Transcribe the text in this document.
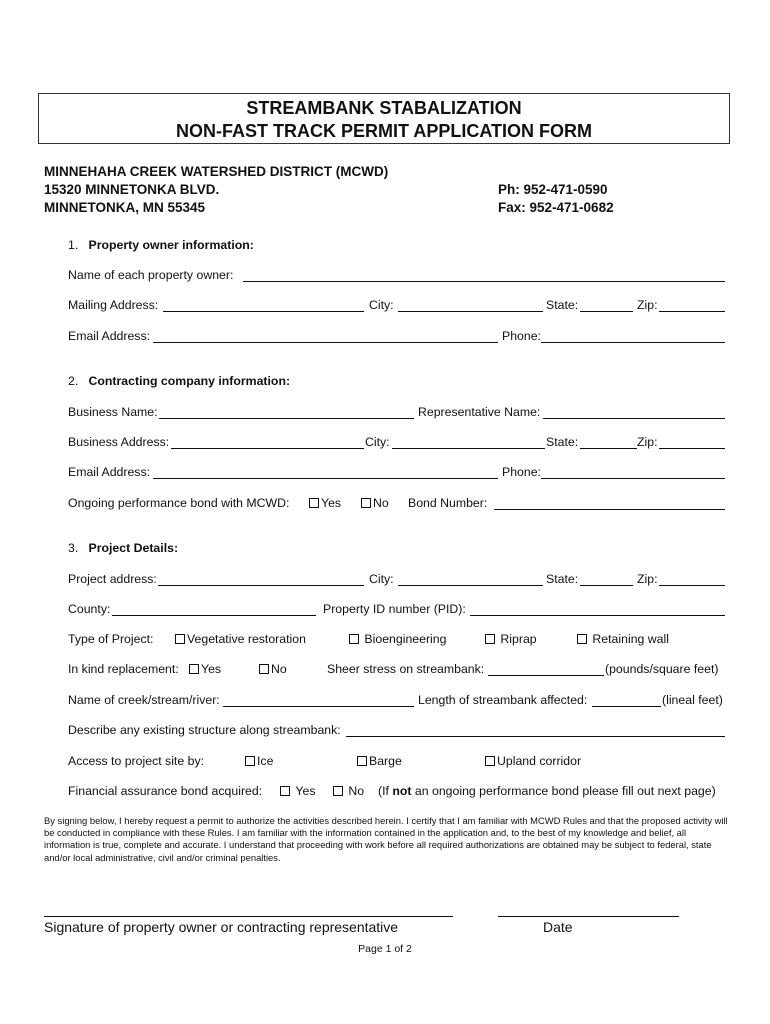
STREAMBANK STABALIZATION
NON-FAST TRACK PERMIT APPLICATION FORM
MINNEHAHA CREEK WATERSHED DISTRICT (MCWD)
15320 MINNETONKA BLVD.
MINNETONKA, MN 55345
Ph: 952-471-0590
Fax: 952-471-0682
1. Property owner information:
Name of each property owner:
Mailing Address:	City:	State:	Zip:
Email Address:	Phone:
2. Contracting company information:
Business Name:	Representative Name:
Business Address:	City:	State:	Zip:
Email Address:	Phone:
Ongoing performance bond with MCWD:	Yes	No Bond Number:
3. Project Details:
Project address:	City:	State:	Zip:
County:	Property ID number (PID):
Type of Project:	Vegetative restoration	Bioengineering	Riprap	Retaining wall
In kind replacement:	Yes	No	Sheer stress on streambank:	(pounds/square feet)
Name of creek/stream/river:	Length of streambank affected:	(lineal feet)
Describe any existing structure along streambank:
Access to project site by:	Ice	Barge	Upland corridor
Financial assurance bond acquired:	Yes	No (If not an ongoing performance bond please fill out next page)
By signing below, I hereby request a permit to authorize the activities described herein. I certify that I am familiar with MCWD Rules and that the proposed activity will be conducted in compliance with these Rules. I am familiar with the information contained in the application and, to the best of my knowledge and belief, all information is true, complete and accurate. I understand that proceeding with work before all required authorizations are obtained may be subject to federal, state and/or local administrative, civil and/or criminal penalties.
Signature of property owner or contracting representative	Date
Page 1 of 2
